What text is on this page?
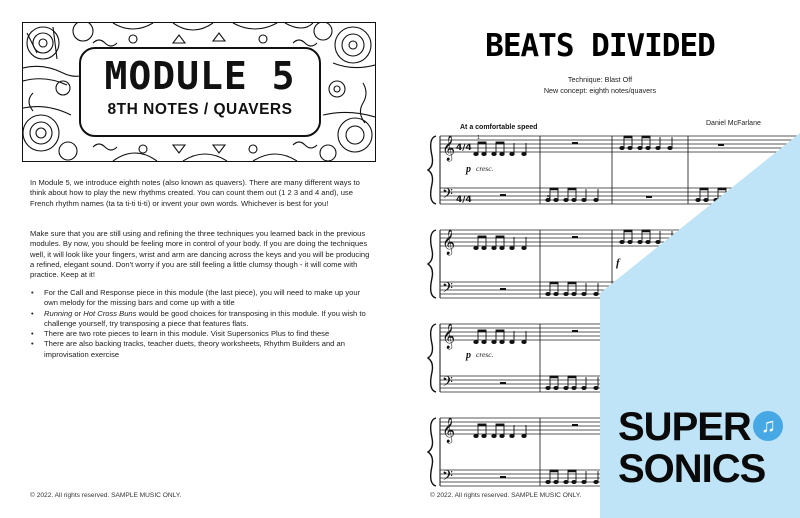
MODULE 5
8TH NOTES / QUAVERS
In Module 5, we introduce eighth notes (also known as quavers). There are many different ways to think about how to play the new rhythms created. You can count them out (1 2 3 and 4 and), use French rhythm names (ta ta ti-ti ti-ti) or invent your own words. Whichever is best for you!
Make sure that you are still using and refining the three techniques you learned back in the previous modules. By now, you should be feeling more in control of your body. If you are doing the techniques well, it will look like your fingers, wrist and arm are dancing across the keys and you will be producing a refined, elegant sound. Don't worry if you are still feeling a little clumsy though - it will come with practice. Keep at it!
• For the Call and Response piece in this module (the last piece), you will need to make up your own melody for the missing bars and come up with a title
• Running or Hot Cross Buns would be good choices for transposing in this module. If you wish to challenge yourself, try transposing a piece that features flats.
• There are two rote pieces to learn in this module. Visit Supersonics Plus to find these
• There are also backing tracks, teacher duets, theory worksheets, Rhythm Builders and an improvisation exercise
© 2022. All rights reserved. SAMPLE MUSIC ONLY.
BEATS DIVIDED
Technique: Blast Off
New concept: eighth notes/quavers
At a comfortable speed
Daniel McFarlane
𝄞
𝄢
4/4
4/4
1
5
p cresc.
f
p cresc.
© 2022. All rights reserved. SAMPLE MUSIC ONLY.
SUPER ♫
SONICS
